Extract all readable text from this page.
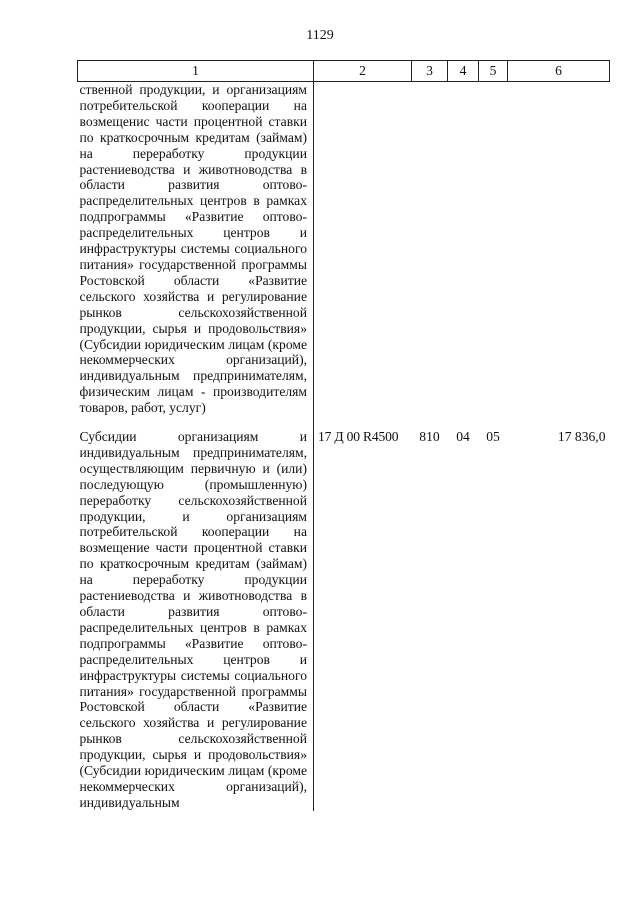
1129
1	2	3	4	5	6
ственной продукции, и организациям потребительской кооперации на возмещенис части процентной ставки по краткосрочным кредитам (займам) на переработку продукции растениеводства и животноводства в области развития оптово-распределительных центров в рамках подпрограммы «Развитие оптово-распределительных центров и инфраструктуры системы социального питания» государственной программы Ростовской области «Развитие сельского хозяйства и регулирование рынков сельскохозяйственной продукции, сырья и продовольствия» (Субсидии юридическим лицам (кроме некоммерческих организаций), индивидуальным предпринимателям, физическим лицам - производителям товаров, работ, услуг)					
Субсидии организациям и индивидуальным предпринимателям, осуществляющим первичную и (или) последующую (промышленную) переработку сельскохозяйственной продукции, и организациям потребительской кооперации на возмещение части процентной ставки по краткосрочным кредитам (займам) на переработку продукции растениеводства и животноводства в области развития оптово-распределительных центров в рамках подпрограммы «Развитие оптово-распределительных центров и инфраструктуры системы социального питания» государственной программы Ростовской области «Развитие сельского хозяйства и регулирование рынков сельскохозяйственной продукции, сырья и продовольствия» (Субсидии юридическим лицам (кроме некоммерческих организаций), индивидуальным	17 Д 00 R4500	810	04	05	17 836,0
